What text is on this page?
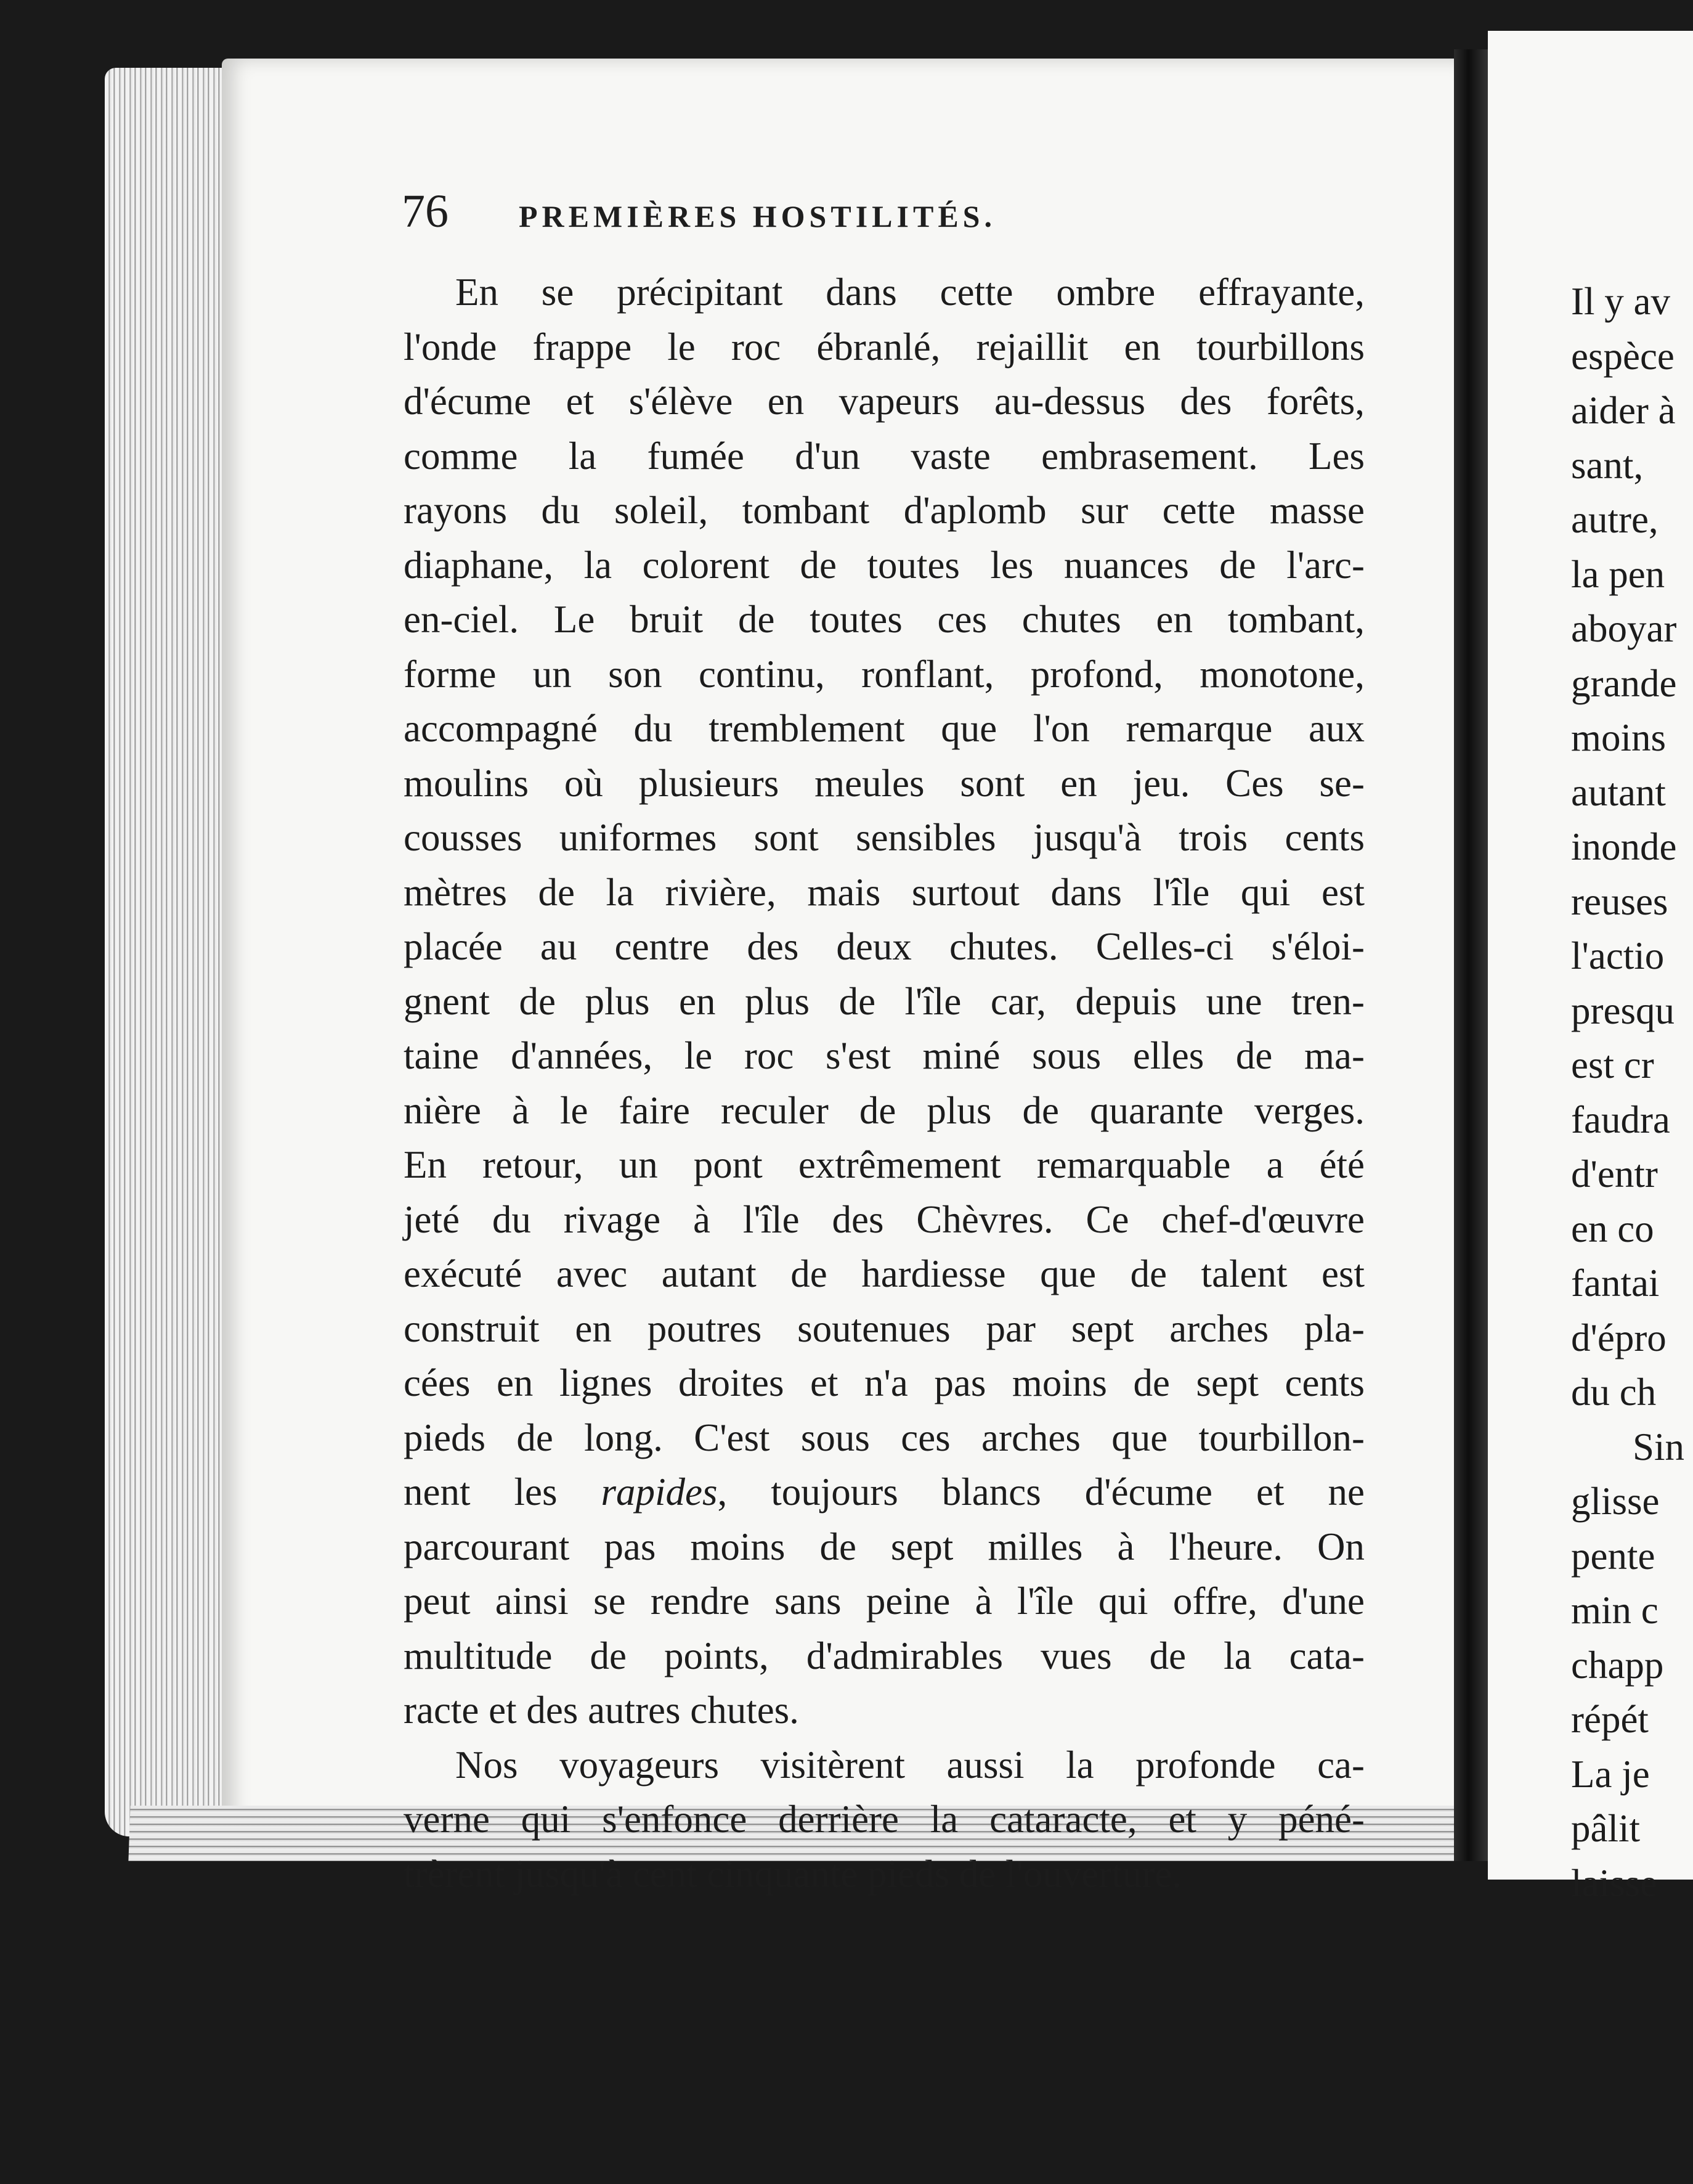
76	PREMIÈRES HOSTILITÉS.
En se précipitant dans cette ombre effrayante,
l'onde frappe le roc ébranlé, rejaillit en tourbillons
d'écume et s'élève en vapeurs au-dessus des forêts,
comme la fumée d'un vaste embrasement. Les
rayons du soleil, tombant d'aplomb sur cette masse
diaphane, la colorent de toutes les nuances de l'arc-
en-ciel. Le bruit de toutes ces chutes en tombant,
forme un son continu, ronflant, profond, monotone,
accompagné du tremblement que l'on remarque aux
moulins où plusieurs meules sont en jeu. Ces se-
cousses uniformes sont sensibles jusqu'à trois cents
mètres de la rivière, mais surtout dans l'île qui est
placée au centre des deux chutes. Celles-ci s'éloi-
gnent de plus en plus de l'île car, depuis une tren-
taine d'années, le roc s'est miné sous elles de ma-
nière à le faire reculer de plus de quarante verges.
En retour, un pont extrêmement remarquable a été
jeté du rivage à l'île des Chèvres. Ce chef-d'œuvre
exécuté avec autant de hardiesse que de talent est
construit en poutres soutenues par sept arches pla-
cées en lignes droites et n'a pas moins de sept cents
pieds de long. C'est sous ces arches que tourbillon-
nent les rapides, toujours blancs d'écume et ne
parcourant pas moins de sept milles à l'heure. On
peut ainsi se rendre sans peine à l'île qui offre, d'une
multitude de points, d'admirables vues de la cata-
racte et des autres chutes.
Nos voyageurs visitèrent aussi la profonde ca-
verne qui s'enfonce derrière la cataracte, et y péné-
trèrent jusqu'à cent cinquante pieds de l'ouverture.
Il y av
espèce
aider à
sant,
autre,
la pen
aboyar
grande
moins
autant
inonde
reuses
l'actio
presqu
est cr
faudra
d'entr
en co
fantai
d'épro
du ch
Sin
glisse
pente
min c
chapp
répét
La je
pâlit
laisse
